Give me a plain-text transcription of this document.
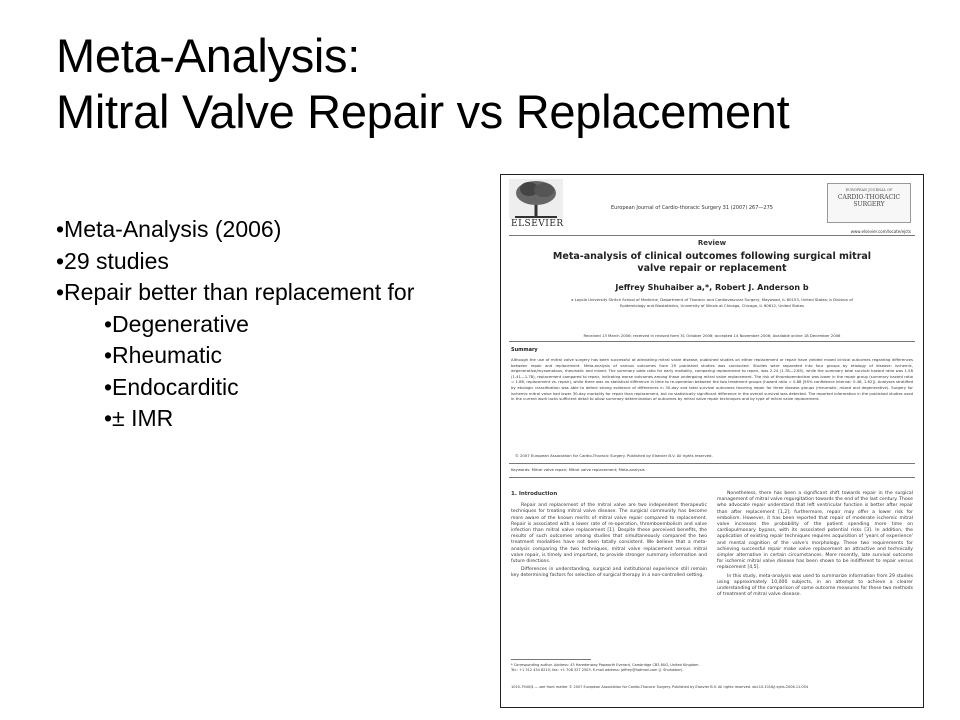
Meta-Analysis:
Mitral Valve Repair vs Replacement
•Meta-Analysis (2006)
•29 studies
•Repair better than replacement for
•Degenerative
•Rheumatic
•Endocarditic
•± IMR
ELSEVIER
European Journal of Cardio-thoracic Surgery 31 (2007) 267—275
EUROPEAN JOURNAL OF
CARDIO-THORACIC SURGERY
www.elsevier.com/locate/ejcts
Review
Meta-analysis of clinical outcomes following surgical mitral valve repair or replacement
Jeffrey Shuhaiber a,*, Robert J. Anderson b
a Loyola University Stritch School of Medicine, Department of Thoracic and Cardiovascular Surgery, Maywood, IL 60153, United States; b Division of Epidemiology and Biostatistics, University of Illinois at Chicago, Chicago, IL 60612, United States
Received 13 March 2006; received in revised form 31 October 2006; accepted 14 November 2006; Available online 18 December 2006
Summary
Although the use of mitral valve surgery has been successful at alleviating mitral valve disease, published studies on either replacement or repair have yielded mixed clinical outcomes regarding differences between repair and replacement. Meta-analysis of various outcomes from 29 published studies was conducted. Studies were separated into four groups by etiology of disease: ischemic, degenerative/myxomatous, rheumatic and mixed. The summary odds ratio for early mortality, comparing replacement to repair, was 2.24 (1.78—2.85), while the summary total survival hazard ratio was 1.58 (1.41—1.78), replacement compared to repair, indicating worse outcomes among those undergoing mitral valve replacement. The risk of thromboembolism was lower in the repair group (summary hazard ratio = 1.86, replacement vs. repair), while there was no statistical difference in time to re-operation between the two treatment groups (hazard ratio = 0.88 [95% confidence interval: 0.48, 1.62]). Analyses stratified by etiologic classification was able to detect strong evidence of differences in 30-day and total survival outcomes favoring repair for three disease groups (rheumatic, mixed and degenerative). Surgery for ischemic mitral valve had lower 30-day mortality for repair than replacement, but no statistically significant difference in the overall survival was detected. The reported information in the published studies used in the current work lacks sufficient detail to allow summary determination of outcomes by mitral valve repair techniques and by type of mitral valve replacement.
© 2007 European Association for Cardio-Thoracic Surgery. Published by Elsevier B.V. All rights reserved.
Keywords: Mitral valve repair; Mitral valve replacement; Meta-analysis
1. Introduction

Repair and replacement of the mitral valve are two independent therapeutic techniques for treating mitral valve disease. The surgical community has become more aware of the known merits of mitral valve repair compared to replacement. Repair is associated with a lower rate of re-operation, thromboembolism and valve infection than mitral valve replacement [1]. Despite these perceived benefits, the results of such outcomes among studies that simultaneously compared the two treatment modalities have not been totally consistent. We believe that a meta-analysis comparing the two techniques, mitral valve replacement versus mitral valve repair, is timely and important, to provide stronger summary information and future directions.

Differences in understanding, surgical and institutional experience still remain key determining factors for selection of surgical therapy in a non-controlled setting.

Nonetheless, there has been a significant shift towards repair in the surgical management of mitral valve regurgitation towards the end of the last century. Those who advocate repair understand that left ventricular function is better after repair than after replacement [1,2]; furthermore, repair may offer a lower risk for embolism. However, it has been reported that repair of moderate ischemic mitral valve increases the probability of the patient spending more time on cardiopulmonary bypass, with its associated potential risks [3]. In addition, the application of existing repair techniques requires acquisition of 'years of experience' and mental cognition of the valve's morphology. These two requirements for achieving successful repair make valve replacement an attractive and technically simpler alternative in certain circumstances. More recently, late survival outcome for ischemic mitral valve disease has been shown to be indifferent to repair versus replacement [4,5].

In this study, meta-analysis was used to summarize information from 29 studies using approximately 10,000 subjects, in an attempt to achieve a clearer understanding of the comparison of some outcome measures for these two methods of treatment of mitral valve disease.

* Corresponding author. Address: 43 Haredenway Papworth Everard, Cambridge CB3 8UG, United Kingdom. Tel.: +1 312 434 8210; fax: +1 708 327 2503. E-mail address: jeffrey@hotmail.com (J. Shuhaiber).
1010-7940/$ — see front matter © 2007 European Association for Cardio-Thoracic Surgery. Published by Elsevier B.V. All rights reserved. doi:10.1016/j.ejcts.2006.11.054
